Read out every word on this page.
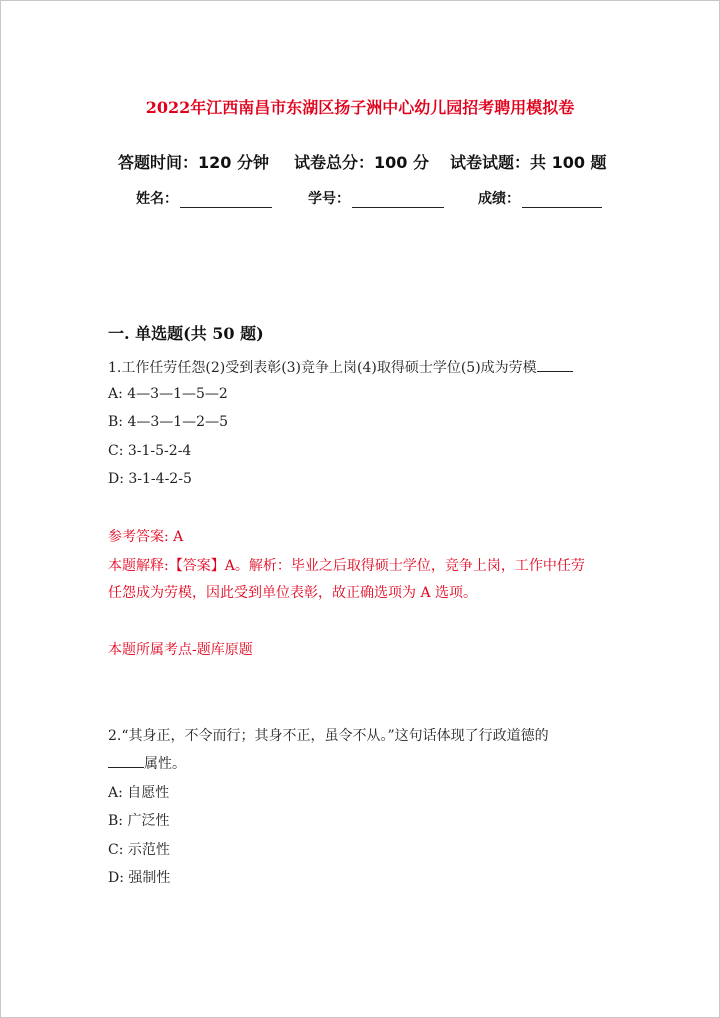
2022年江西南昌市东湖区扬子洲中心幼儿园招考聘用模拟卷
答题时间：120 分钟 试卷总分：100 分 试卷试题：共 100 题
姓名：	学号：	成绩：
一. 单选题(共 50 题)
1.工作任劳任怨(2)受到表彰(3)竞争上岗(4)取得硕士学位(5)成为劳模
A: 4—3—1—5—2
B: 4—3—1—2—5
C: 3-1-5-2-4
D: 3-1-4-2-5
参考答案: A
本题解释:【答案】A。解析：毕业之后取得硕士学位，竞争上岗，工作中任劳
任怨成为劳模，因此受到单位表彰，故正确选项为 A 选项。
本题所属考点-题库原题
2.“其身正，不令而行；其身不正，虽令不从。”这句话体现了行政道德的
属性。
A: 自愿性
B: 广泛性
C: 示范性
D: 强制性
